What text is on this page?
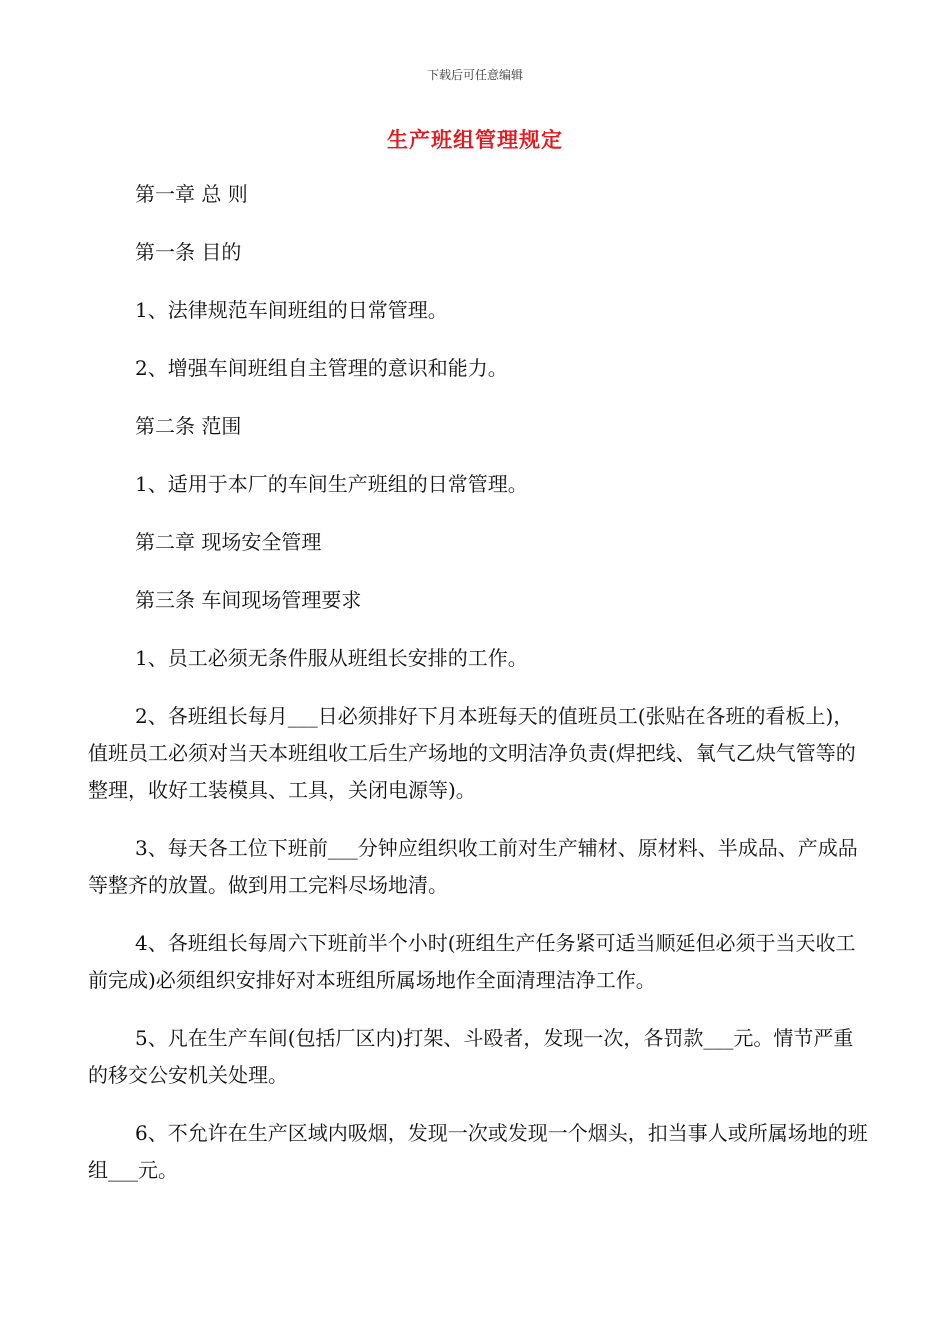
下载后可任意编辑
生产班组管理规定

第一章 总 则

第一条 目的

1、法律规范车间班组的日常管理。

2、增强车间班组自主管理的意识和能力。

第二条 范围

1、适用于本厂的车间生产班组的日常管理。

第二章 现场安全管理

第三条 车间现场管理要求

1、员工必须无条件服从班组长安排的工作。

2、各班组长每月___日必须排好下月本班每天的值班员工(张贴在各班的看板上)，值班员工必须对当天本班组收工后生产场地的文明洁净负责(焊把线、氧气乙炔气管等的整理，收好工装模具、工具，关闭电源等)。

3、每天各工位下班前___分钟应组织收工前对生产辅材、原材料、半成品、产成品等整齐的放置。做到用工完料尽场地清。

4、各班组长每周六下班前半个小时(班组生产任务紧可适当顺延但必须于当天收工前完成)必须组织安排好对本班组所属场地作全面清理洁净工作。

5、凡在生产车间(包括厂区内)打架、斗殴者，发现一次，各罚款___元。情节严重的移交公安机关处理。

6、不允许在生产区域内吸烟，发现一次或发现一个烟头，扣当事人或所属场地的班组___元。
